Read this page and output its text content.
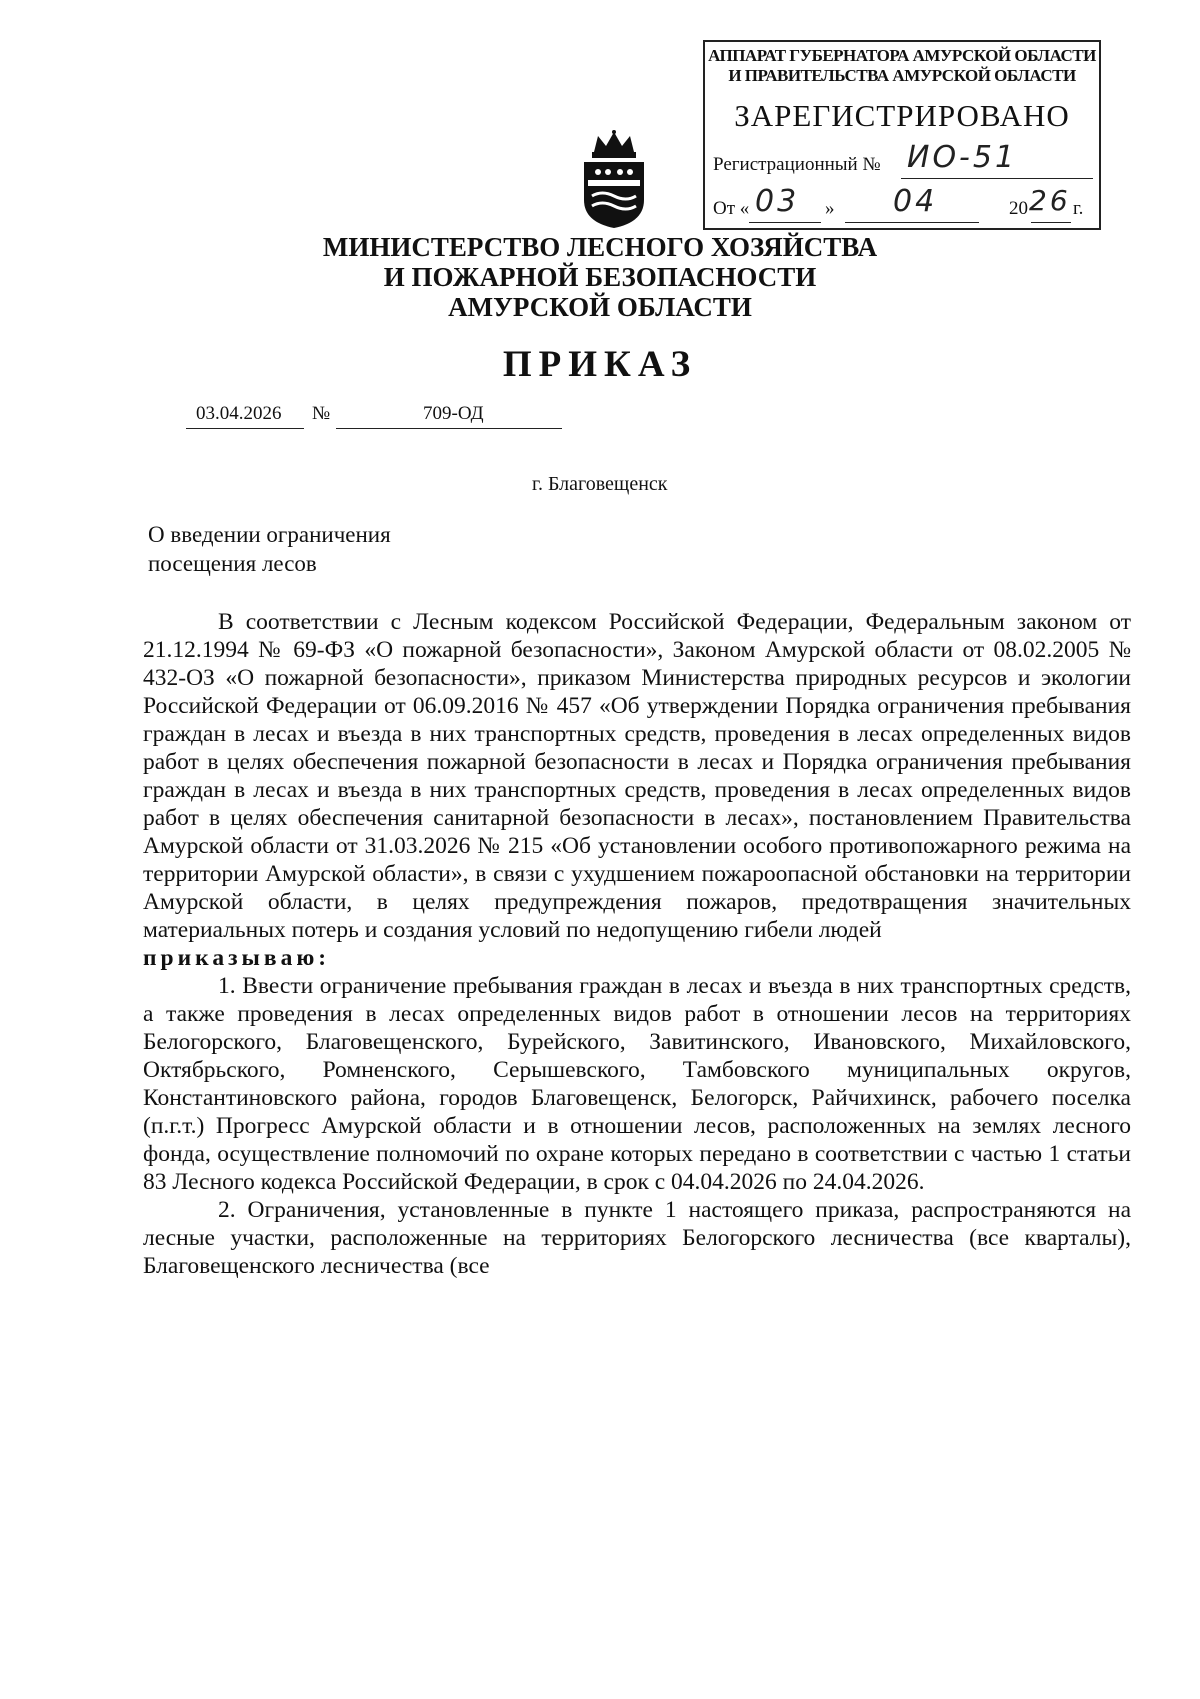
АППАРАТ ГУБЕРНАТОРА АМУРСКОЙ ОБЛАСТИ
И ПРАВИТЕЛЬСТВА АМУРСКОЙ ОБЛАСТИ
ЗАРЕГИСТРИРОВАНО
Регистрационный № ИО-51
От « 03 » 04	20 26 г.
МИНИСТЕРСТВО ЛЕСНОГО ХОЗЯЙСТВА
И ПОЖАРНОЙ БЕЗОПАСНОСТИ
АМУРСКОЙ ОБЛАСТИ
ПРИКАЗ
03.04.2026 №	709-ОД
г. Благовещенск
О введении ограничения
посещения лесов

В соответствии с Лесным кодексом Российской Федерации, Федеральным законом от 21.12.1994 № 69-ФЗ «О пожарной безопасности», Законом Амурской области от 08.02.2005 № 432-ОЗ «О пожарной безопасности», приказом Министерства природных ресурсов и экологии Российской Федерации от 06.09.2016 № 457 «Об утверждении Порядка ограничения пребывания граждан в лесах и въезда в них транспортных средств, проведения в лесах определенных видов работ в целях обеспечения пожарной безопасности в лесах и Порядка ограничения пребывания граждан в лесах и въезда в них транспортных средств, проведения в лесах определенных видов работ в целях обеспечения санитарной безопасности в лесах», постановлением Правительства Амурской области от 31.03.2026 № 215 «Об установлении особого противопожарного режима на территории Амурской области», в связи с ухудшением пожароопасной обстановки на территории Амурской области, в целях предупреждения пожаров, предотвращения значительных материальных потерь и создания условий по недопущению гибели людей

приказываю:

1. Ввести ограничение пребывания граждан в лесах и въезда в них транспортных средств, а также проведения в лесах определенных видов работ в отношении лесов на территориях Белогорского, Благовещенского, Бурейского, Завитинского, Ивановского, Михайловского, Октябрьского, Ромненского, Серышевского, Тамбовского муниципальных округов, Константиновского района, городов Благовещенск, Белогорск, Райчихинск, рабочего поселка (п.г.т.) Прогресс Амурской области и в отношении лесов, расположенных на землях лесного фонда, осуществление полномочий по охране которых передано в соответствии с частью 1 статьи 83 Лесного кодекса Российской Федерации, в срок с 04.04.2026 по 24.04.2026.

2. Ограничения, установленные в пункте 1 настоящего приказа, распространяются на лесные участки, расположенные на территориях Белогорского лесничества (все кварталы), Благовещенского лесничества (все
